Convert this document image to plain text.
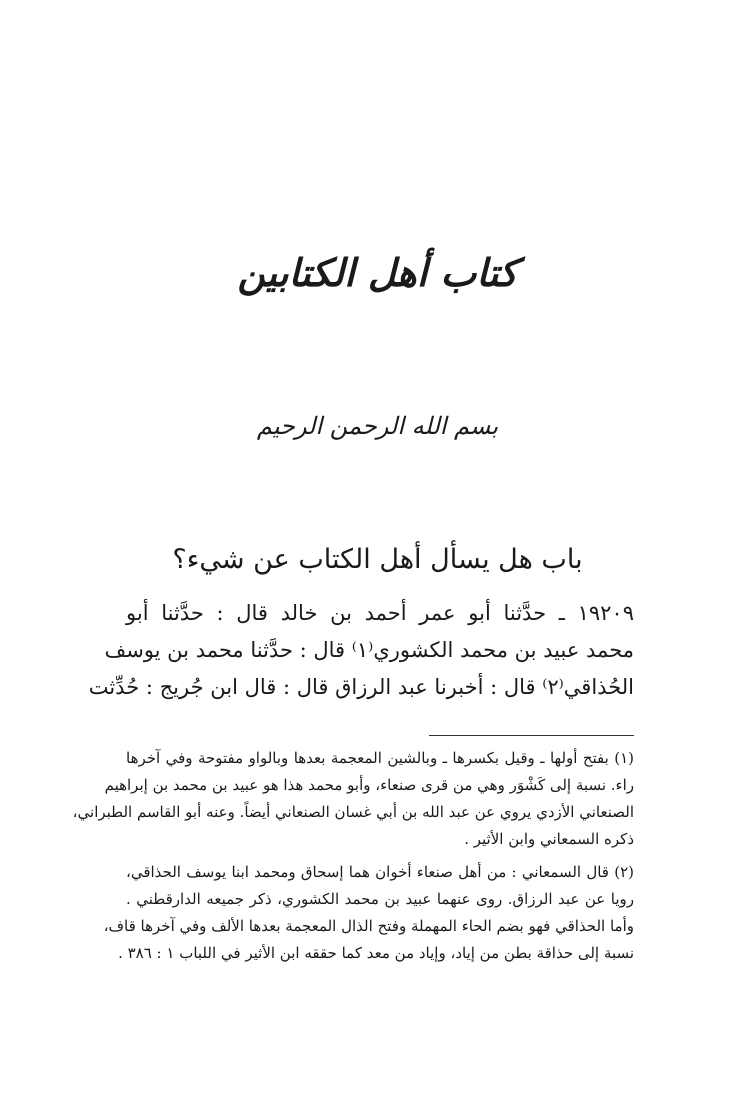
كتاب أهل الكتابين
بسم الله الرحمن الرحيم
باب هل يسأل أهل الكتاب عن شيء؟
١٩٢٠٩ ـ حدَّثنا أبو عمر أحمد بن خالد قال : حدَّثنا أبو
محمد عبيد بن محمد الكشوري⁽١⁾ قال : حدَّثنا محمد بن يوسف
الحُذاقي⁽٢⁾ قال : أخبرنا عبد الرزاق قال : قال ابن جُريج : حُدِّثت
(١) بفتح أولها ـ وقيل بكسرها ـ وبالشين المعجمة بعدها وبالواو مفتوحة وفي آخرها
راء. نسبة إلى كَشْوَر وهي من قرى صنعاء، وأبو محمد هذا هو عبيد بن محمد بن إبراهيم
الصنعاني الأزدي يروي عن عبد الله بن أبي غسان الصنعاني أيضاً. وعنه أبو القاسم الطبراني،
ذكره السمعاني وابن الأثير .
(٢) قال السمعاني : من أهل صنعاء أخوان هما إسحاق ومحمد ابنا يوسف الحذاقي،
رويا عن عبد الرزاق. روى عنهما عبيد بن محمد الكشوري، ذكر جميعه الدارقطني .
وأما الحذاقي فهو بضم الحاء المهملة وفتح الذال المعجمة بعدها الألف وفي آخرها قاف،
نسبة إلى حذاقة بطن من إياد، وإياد من معد كما حققه ابن الأثير في اللباب ١ : ٣٨٦ .
